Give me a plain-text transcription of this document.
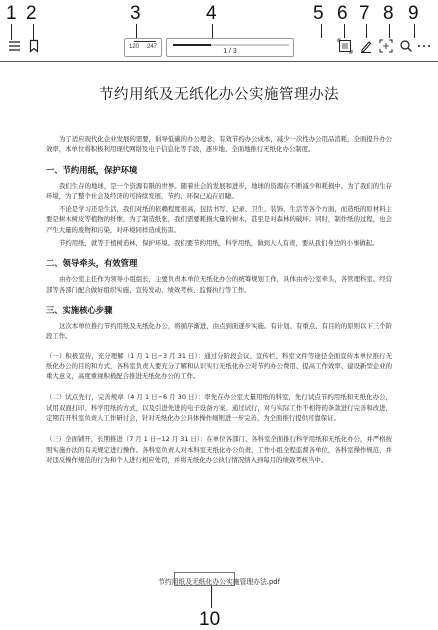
1 2	3	4	5 6 7 8 9
120 247
1 / 3
节约用纸及无纸化办公实施管理办法

为了适应现代化企业发展的需要，倡导低碳的办公理念，有效节约办公成本，减少一次性办公用品消耗，全面提升办公效率，本单位将积极利用现代网络及电子信息化等手段，逐步地、全面地推行无纸化办公制度。

一、节约用纸，保护环境

我们生存的地球，是一个资源有限的世界。随着社会的发展和进步，地球的资源在不断减少和耗损中。为了我们的生存环境，为了整个社会及经济的可持续发展，节约、环保已迫在眉睫。

不论是学习还是生活，我们对纸的依赖程度很高，包括书写、记录、卫生、装饰、生活等各个方面，而造纸的原材料主要是树木树皮等植物的纤维，为了制造纸张，我们需要耗损大量的树木，甚至是对森林的破坏。同时，制作纸的过程，也会产生大量的废物和污染，对环境同样造成伤害。

节约用纸，就等于植树造林，保护环境。我们要节约用纸，科学用纸，做到人人有责，要从我们身边的小事做起。

二、领导牵头，有效管理

由办公室主任作为领导小组组长，主要负责本单位无纸化办公的统筹规划工作，具体由办公室牵头，各管理科室、经营部等各部门配合做好组织实施、宣传发动、绩效考核、监督执行等工作。

三、实施核心步骤

这次本单位推行节约用纸及无纸化办公，将循序渐进、由点到面逐步实施。有计划、有重点、有目的的原则以下三个阶段工作。

（一）积极宣传，充分理解（1 月 1 日−3 月 31 日）：通过分阶段会议、宣传栏、科室文件等途径全面宣传本单位推行无纸化办公的目的和方式，各科室负责人要充分了解和认识实行无纸化办公对节约办公费用、提高工作效率、建设新型企业的重大意义，高度重视积极配合推进无纸化办公的工作。

（二）试点先行，完善规章（4 月 1 日−6 月 30 日）：率先在办公室大量用纸的科室，先行试点节约用纸和无纸化办公，试用双面打印、科学用纸的方式，以及引进先进的电子设备方案。通过试行，对与实际工作不相符的条款进行完善和改进，定期召开科室负责人工作研讨会，针对无纸化办公具体操作细则进一步完善，为全面推行提供可靠保证。

（三）全面铺开，长期推进（7 月 1 日−12 月 31 日）：在单位各部门、各科室全面推行科学用纸和无纸化办公，并严格按照实施办法的有关规定进行操作。各科室负责人对本科室无纸化办公负责，工作小组全程监督各单位，各科室操作规范，并对违反操作规范的行为和个人进行相应处罚，并将无纸化办公执行情况纳入到每月的绩效考核当中。

节约用纸及无纸化办公实施管理办法.pdf
10
